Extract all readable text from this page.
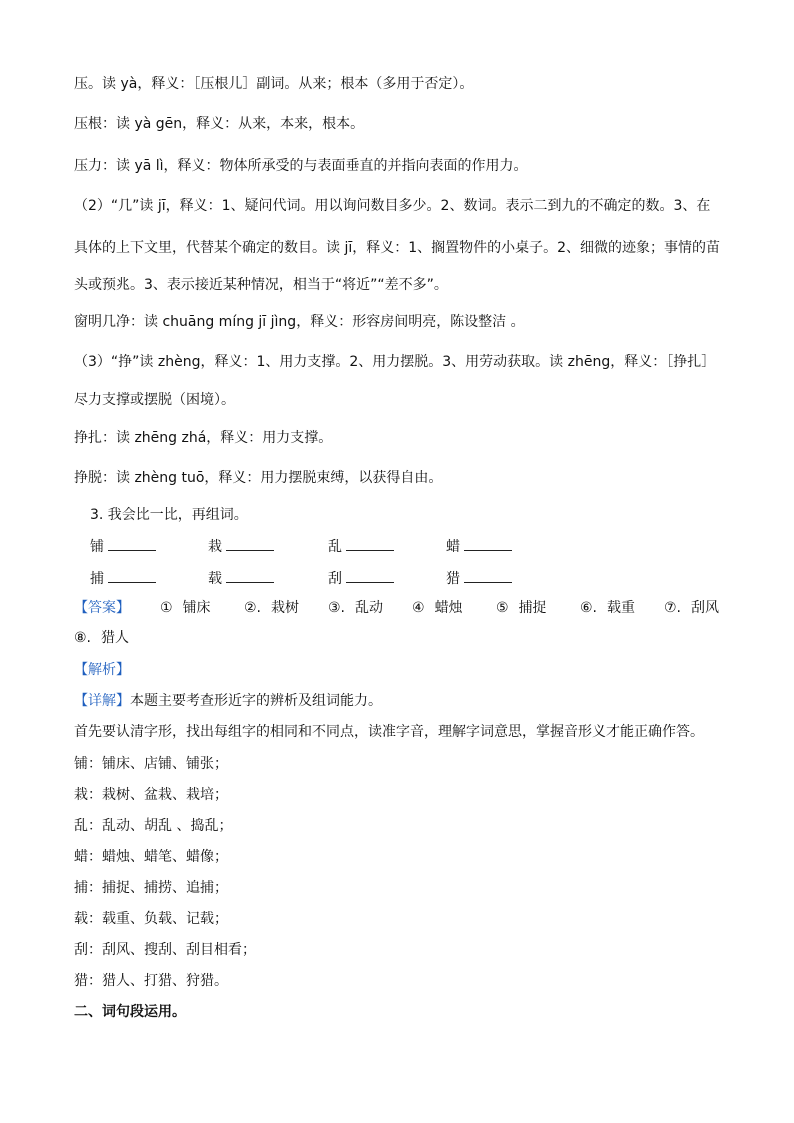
压。读 yà，释义：［压根儿］副词。从来；根本（多用于否定）。
压根：读 yà gēn，释义：从来，本来，根本。
压力：读 yā lì，释义：物体所承受的与表面垂直的并指向表面的作用力。
（2）“几”读 jī，释义：1、疑问代词。用以询问数目多少。2、数词。表示二到九的不确定的数。3、在
具体的上下文里，代替某个确定的数目。读 jī，释义：1、搁置物件的小桌子。2、细微的迹象；事情的苗
头或预兆。3、表示接近某种情况，相当于“将近”“差不多”。
窗明几净：读 chuāng míng jī jìng，释义：形容房间明亮，陈设整洁 。
（3）“挣”读 zhèng，释义：1、用力支撑。2、用力摆脱。3、用劳动获取。读 zhēng，释义：［挣扎］
尽力支撑或摆脱（困境）。
挣扎：读 zhēng zhá，释义：用力支撑。
挣脱：读 zhèng tuō，释义：用力摆脱束缚，以获得自由。
3. 我会比一比，再组词。
铺	栽	乱	蜡
捕	载	刮	猎
【答案】 ① 铺床 ②. 栽树 ③. 乱动 ④ 蜡烛 ⑤ 捕捉 ⑥. 载重 ⑦. 刮风
⑧. 猎人
【解析】
【详解】本题主要考查形近字的辨析及组词能力。
首先要认清字形，找出每组字的相同和不同点，读准字音，理解字词意思，掌握音形义才能正确作答。
铺：铺床、店铺、铺张；
栽：栽树、盆栽、栽培；
乱：乱动、胡乱 、捣乱；
蜡：蜡烛、蜡笔、蜡像；
捕：捕捉、捕捞、追捕；
载：载重、负载、记载；
刮：刮风、搜刮、刮目相看；
猎：猎人、打猎、狩猎。
二、词句段运用。
